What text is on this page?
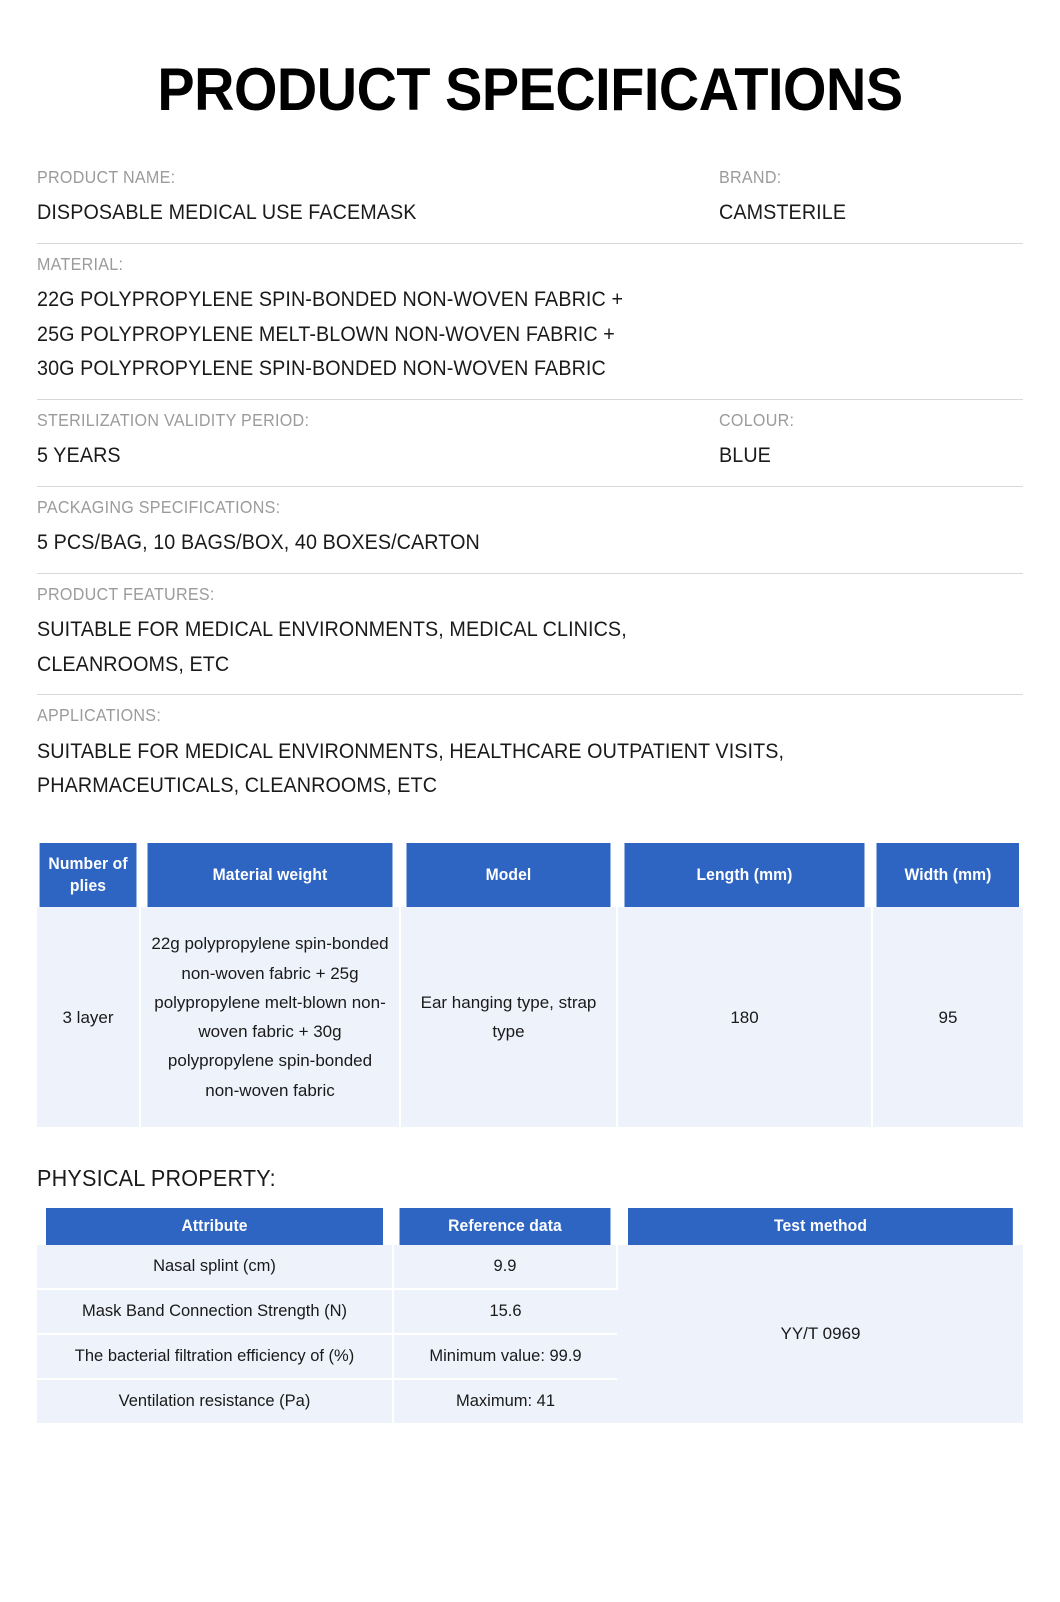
PRODUCT SPECIFICATIONS
PRODUCT NAME:
DISPOSABLE MEDICAL USE FACEMASK
BRAND:
CAMSTERILE
MATERIAL:
22G POLYPROPYLENE SPIN-BONDED NON-WOVEN FABRIC +
25G POLYPROPYLENE MELT-BLOWN NON-WOVEN FABRIC +
30G POLYPROPYLENE SPIN-BONDED NON-WOVEN FABRIC
STERILIZATION VALIDITY PERIOD:
5 YEARS
COLOUR:
BLUE
PACKAGING SPECIFICATIONS:
5 PCS/BAG, 10 BAGS/BOX, 40 BOXES/CARTON
PRODUCT FEATURES:
SUITABLE FOR MEDICAL ENVIRONMENTS, MEDICAL CLINICS,
CLEANROOMS, ETC
APPLICATIONS:
SUITABLE FOR MEDICAL ENVIRONMENTS, HEALTHCARE OUTPATIENT VISITS,
PHARMACEUTICALS, CLEANROOMS, ETC
Number of plies	Material weight	Model	Length (mm)	Width (mm)
3 layer	22g polypropylene spin-bonded non-woven fabric + 25g polypropylene melt-blown non-woven fabric + 30g polypropylene spin-bonded non-woven fabric	Ear hanging type, strap type	180	95
PHYSICAL PROPERTY:
Attribute	Reference data	Test method
Nasal splint (cm)	9.9	YY/T 0969
Mask Band Connection Strength (N)	15.6	
The bacterial filtration efficiency of (%)	Minimum value: 99.9	
Ventilation resistance (Pa)	Maximum: 41	
